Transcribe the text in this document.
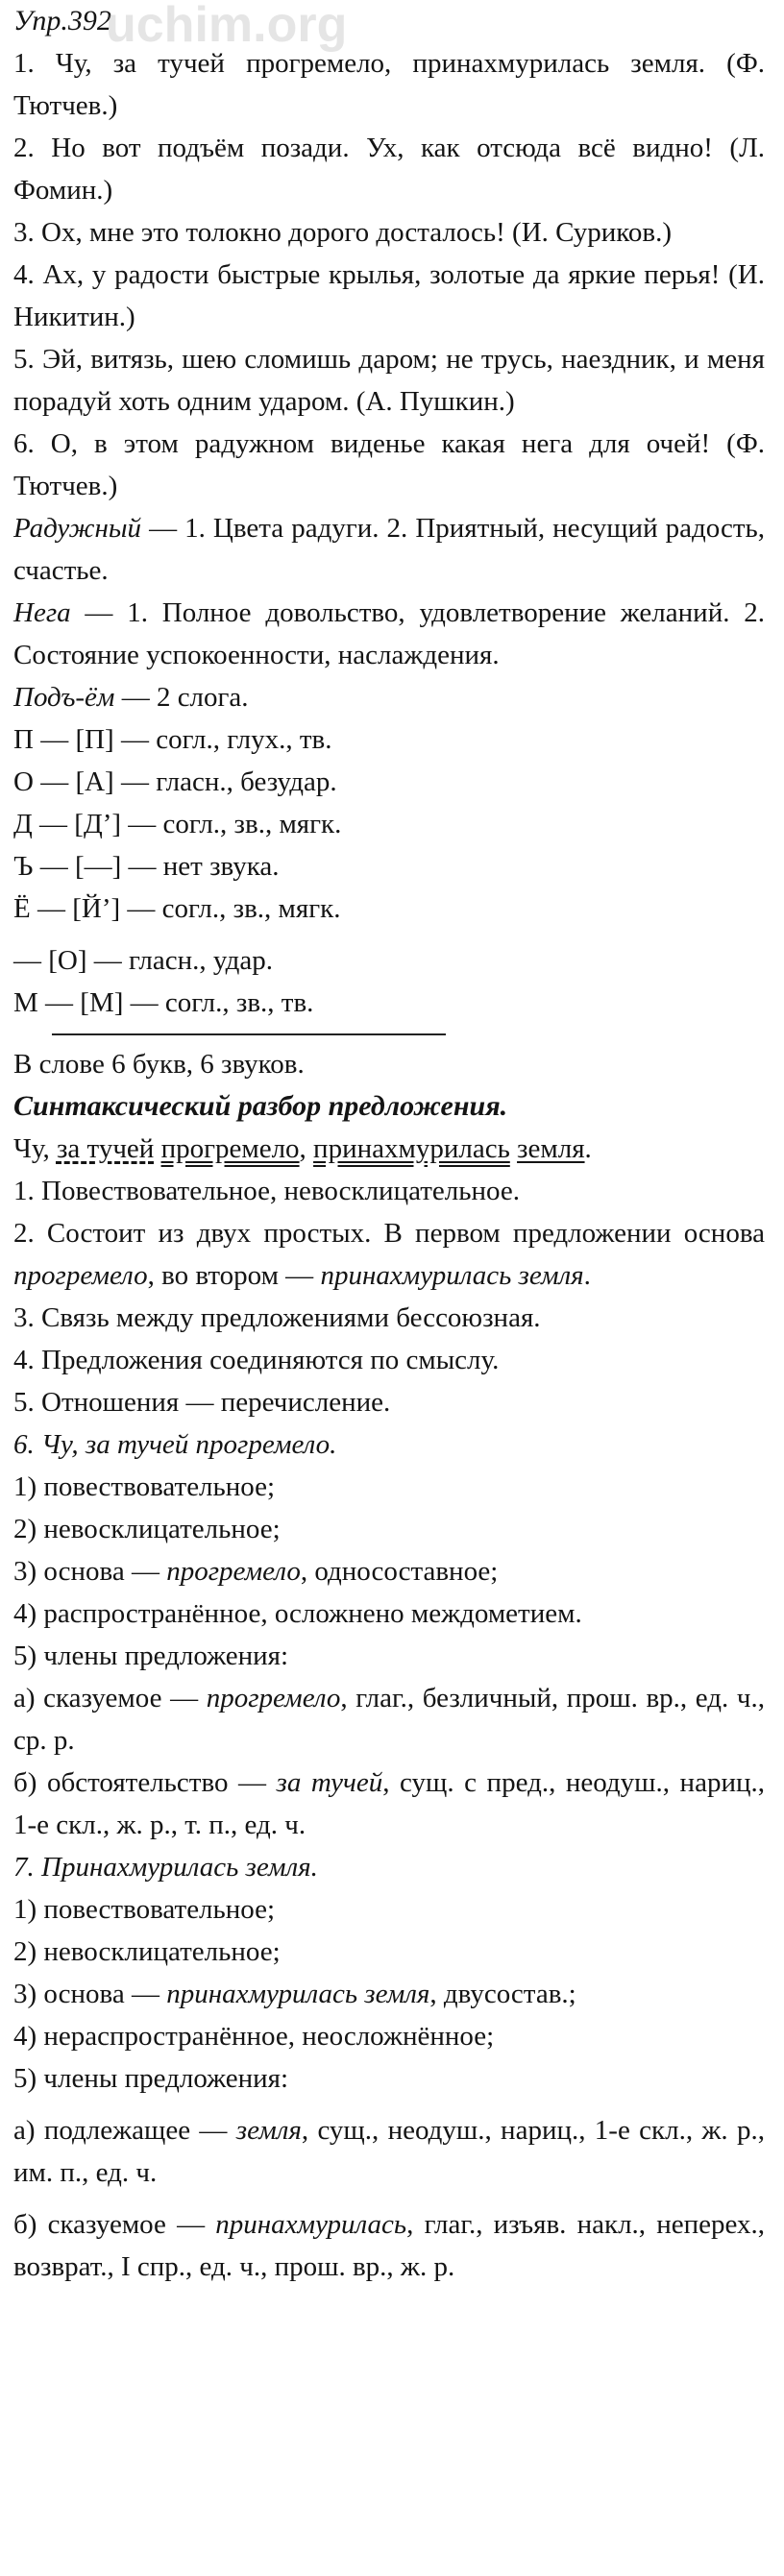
uchim.org

Упр.392

1. Чу, за тучей прогремело, принахмурилась земля. (Ф. Тютчев.)

2. Но вот подъём позади. Ух, как отсюда всё видно! (Л. Фомин.)

3. Ох, мне это толокно дорого досталось! (И. Суриков.)

4. Ах, у радости быстрые крылья, золотые да яркие перья! (И. Никитин.)

5. Эй, витязь, шею сломишь даром; не трусь, наездник, и меня порадуй хоть одним ударом. (А. Пушкин.)

6. О, в этом радужном виденье какая нега для очей! (Ф. Тютчев.)

Радужный — 1. Цвета радуги. 2. Приятный, несущий радость, счастье.

Нега — 1. Полное довольство, удовлетворение желаний. 2. Состояние успокоенности, наслаждения.

Подъ-ём — 2 слога.

П — [П] — согл., глух., тв.

О — [А] — гласн., безудар.

Д — [Д’] — согл., зв., мягк.

Ъ — [—] — нет звука.

Ё — [Й’] — согл., зв., мягк.

— [О] — гласн., удар.

М — [М] — согл., зв., тв.

В слове 6 букв, 6 звуков.

Синтаксический разбор предложения.

Чу, за тучей прогремело, принахмурилась земля.

1. Повествовательное, невосклицательное.

2. Состоит из двух простых. В первом предложении основа прогремело, во втором — принахмурилась земля.

3. Связь между предложениями бессоюзная.

4. Предложения соединяются по смыслу.

5. Отношения — перечисление.

6. Чу, за тучей прогремело.

1) повествовательное;

2) невосклицательное;

3) основа — прогремело, односоставное;

4) распространённое, осложнено междометием.

5) члены предложения:

а) сказуемое — прогремело, глаг., безличный, прош. вр., ед. ч., ср. р.

б) обстоятельство — за тучей, сущ. с пред., неодуш., нариц., 1-е скл., ж. р., т. п., ед. ч.

7. Принахмурилась земля.

1) повествовательное;

2) невосклицательное;

3) основа — принахмурилась земля, двусостав.;

4) нераспространённое, неосложнённое;

5) члены предложения:

а) подлежащее — земля, сущ., неодуш., нариц., 1-е скл., ж. р., им. п., ед. ч.

б) сказуемое — принахмурилась, глаг., изъяв. накл., неперех., возврат., I спр., ед. ч., прош. вр., ж. р.
